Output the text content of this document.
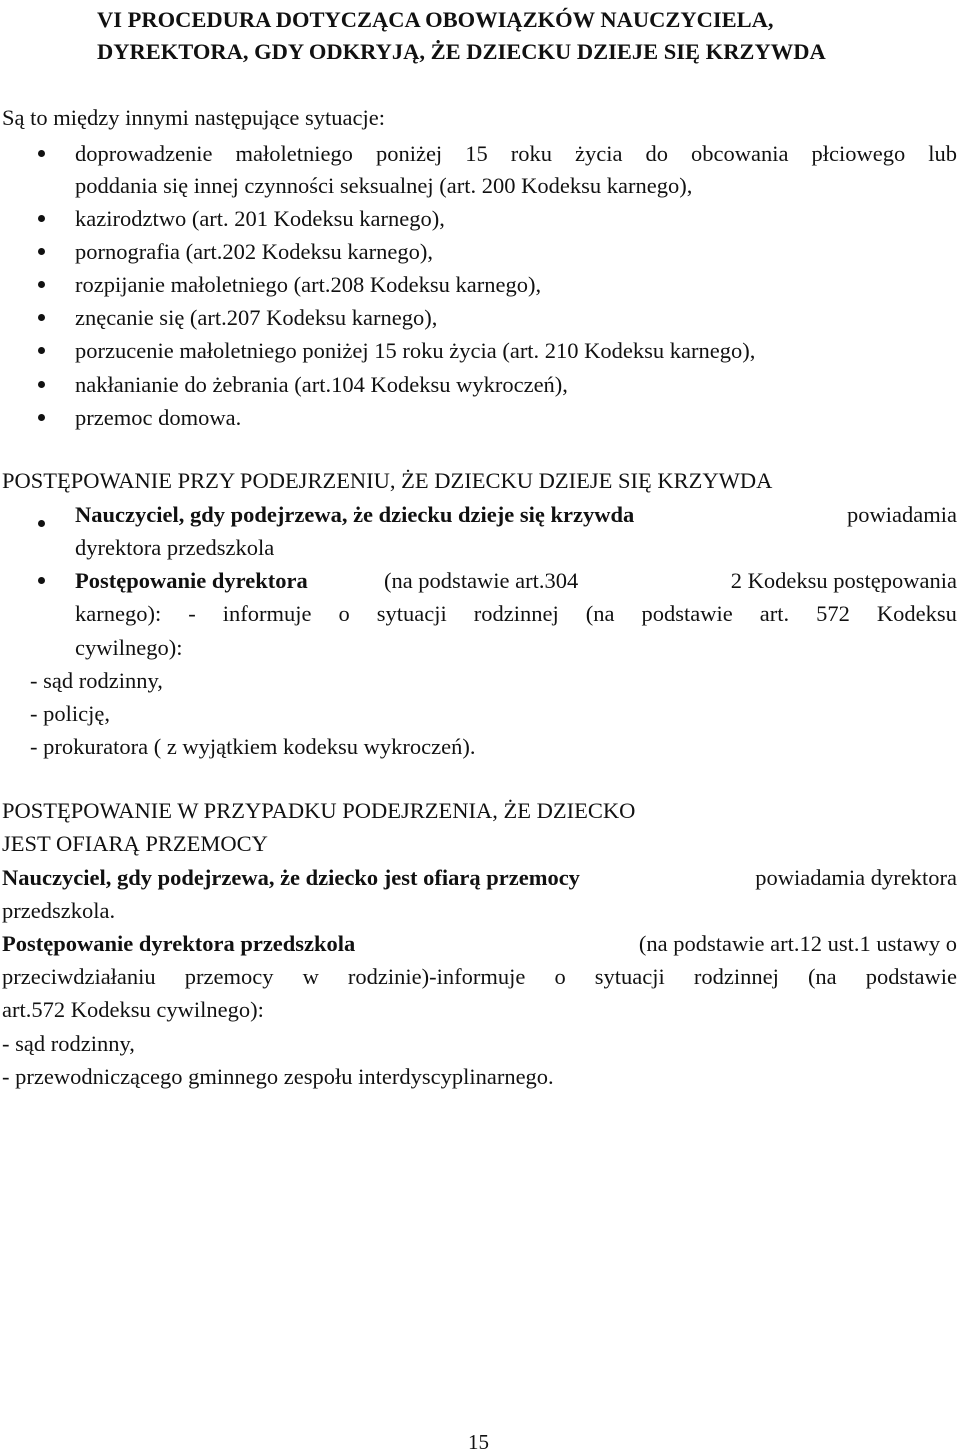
VI PROCEDURA DOTYCZĄCA OBOWIĄZKÓW NAUCZYCIELA,
DYREKTORA, GDY ODKRYJĄ, ŻE DZIECKU DZIEJE SIĘ KRZYWDA
Są to między innymi następujące sytuacje:
doprowadzenie małoletniego poniżej 15 roku życia do obcowania płciowego lub
poddania się innej czynności seksualnej (art. 200 Kodeksu karnego),
kazirodztwo (art. 201 Kodeksu karnego),
pornografia (art.202 Kodeksu karnego),
rozpijanie małoletniego (art.208 Kodeksu karnego),
znęcanie się (art.207 Kodeksu karnego),
porzucenie małoletniego poniżej 15 roku życia (art. 210 Kodeksu karnego),
nakłanianie do żebrania (art.104 Kodeksu wykroczeń),
przemoc domowa.
POSTĘPOWANIE PRZY PODEJRZENIU, ŻE DZIECKU DZIEJE SIĘ KRZYWDA
Nauczyciel, gdy podejrzewa, że dziecku dzieje się krzywda	powiadamia
dyrektora przedszkola
Postępowanie dyrektora	(na podstawie art.304	2 Kodeksu postępowania
karnego): - informuje o sytuacji rodzinnej (na podstawie art. 572 Kodeksu
cywilnego):
- sąd rodzinny,
- policję,
- prokuratora ( z wyjątkiem kodeksu wykroczeń).
POSTĘPOWANIE W PRZYPADKU PODEJRZENIA, ŻE DZIECKO
JEST OFIARĄ PRZEMOCY
Nauczyciel, gdy podejrzewa, że dziecko jest ofiarą przemocy	powiadamia dyrektora
przedszkola.
Postępowanie dyrektora przedszkola	(na podstawie art.12 ust.1 ustawy o
przeciwdziałaniu przemocy w rodzinie)-informuje o sytuacji rodzinnej (na podstawie
art.572 Kodeksu cywilnego):
- sąd rodzinny,
- przewodniczącego gminnego zespołu interdyscyplinarnego.
15
